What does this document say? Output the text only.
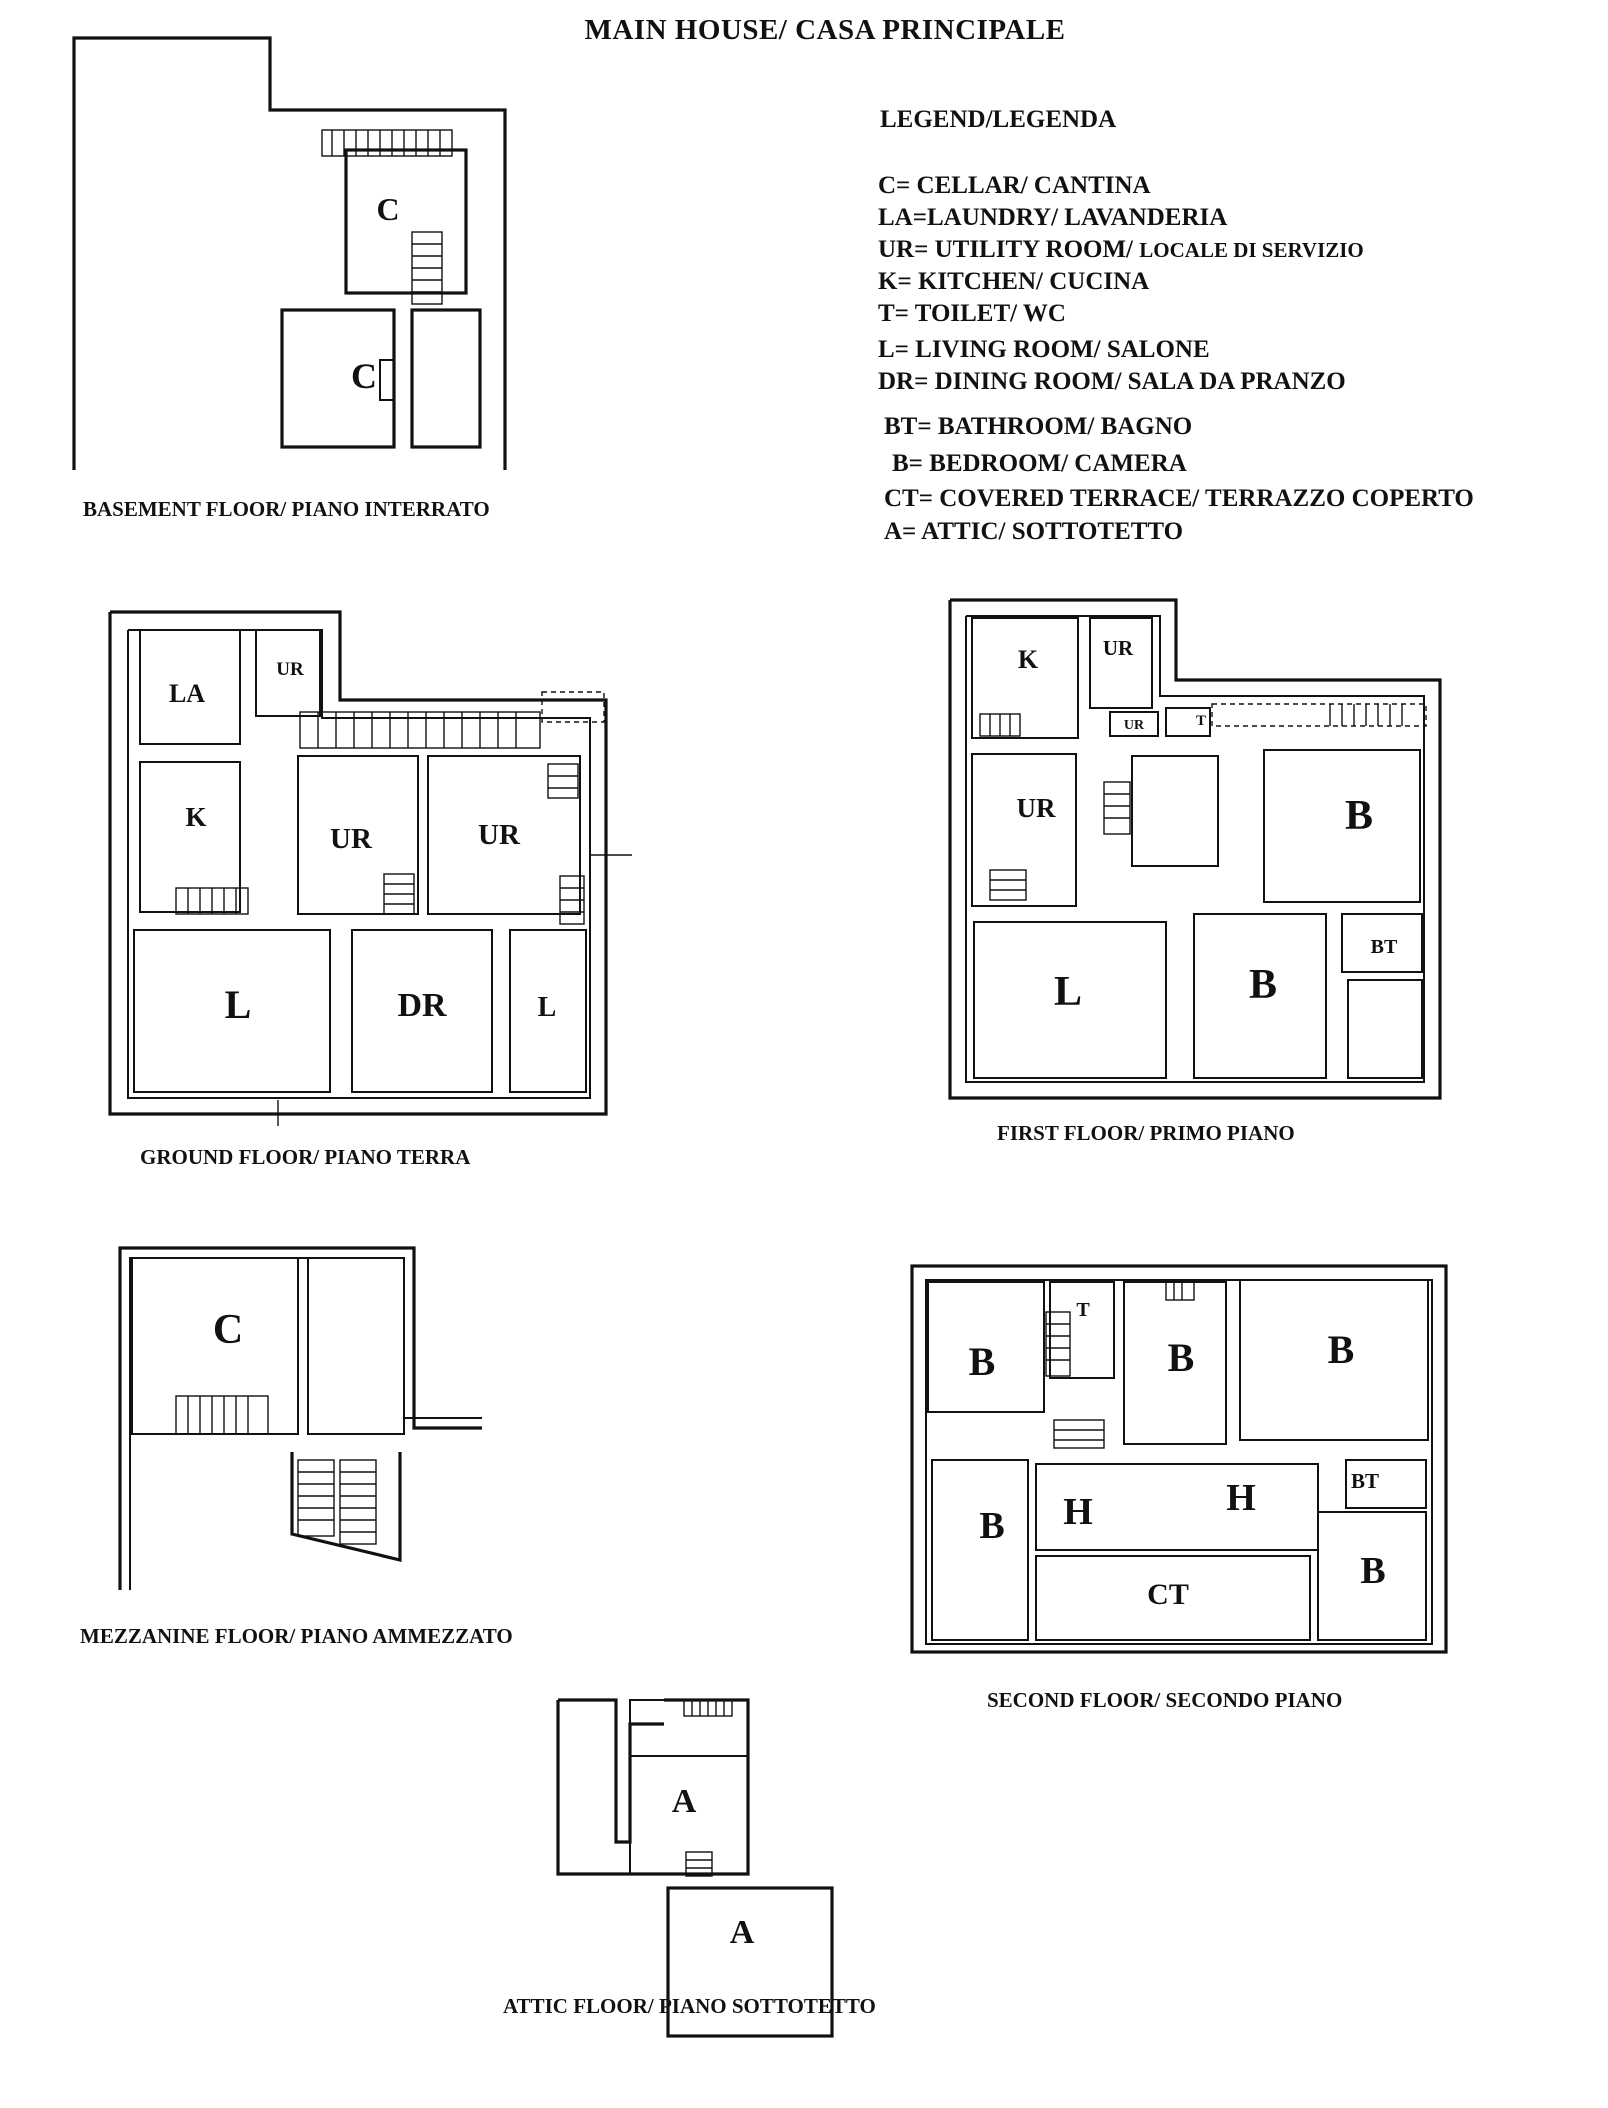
MAIN HOUSE/ CASA PRINCIPALE
LEGEND/LEGENDA
C= CELLAR/ CANTINA
LA=LAUNDRY/ LAVANDERIA
UR= UTILITY ROOM/ LOCALE DI SERVIZIO
K= KITCHEN/ CUCINA
T= TOILET/ WC
L= LIVING ROOM/ SALONE
DR= DINING ROOM/ SALA DA PRANZO
BT= BATHROOM/ BAGNO
B= BEDROOM/ CAMERA
CT= COVERED TERRACE/ TERRAZZO COPERTO
A= ATTIC/ SOTTOTETTO
BASEMENT FLOOR/ PIANO INTERRATO
GROUND FLOOR/ PIANO TERRA
FIRST FLOOR/ PRIMO PIANO
MEZZANINE FLOOR/ PIANO AMMEZZATO
SECOND FLOOR/ SECONDO PIANO
ATTIC FLOOR/ PIANO SOTTOTETTO
C
C
LA
UR
K
UR	UR
L	DR	L
K	UR
UR	T
UR	B
BT
L	B
C	T
B	B	B
B H	H	BT
B
CT
A
A
